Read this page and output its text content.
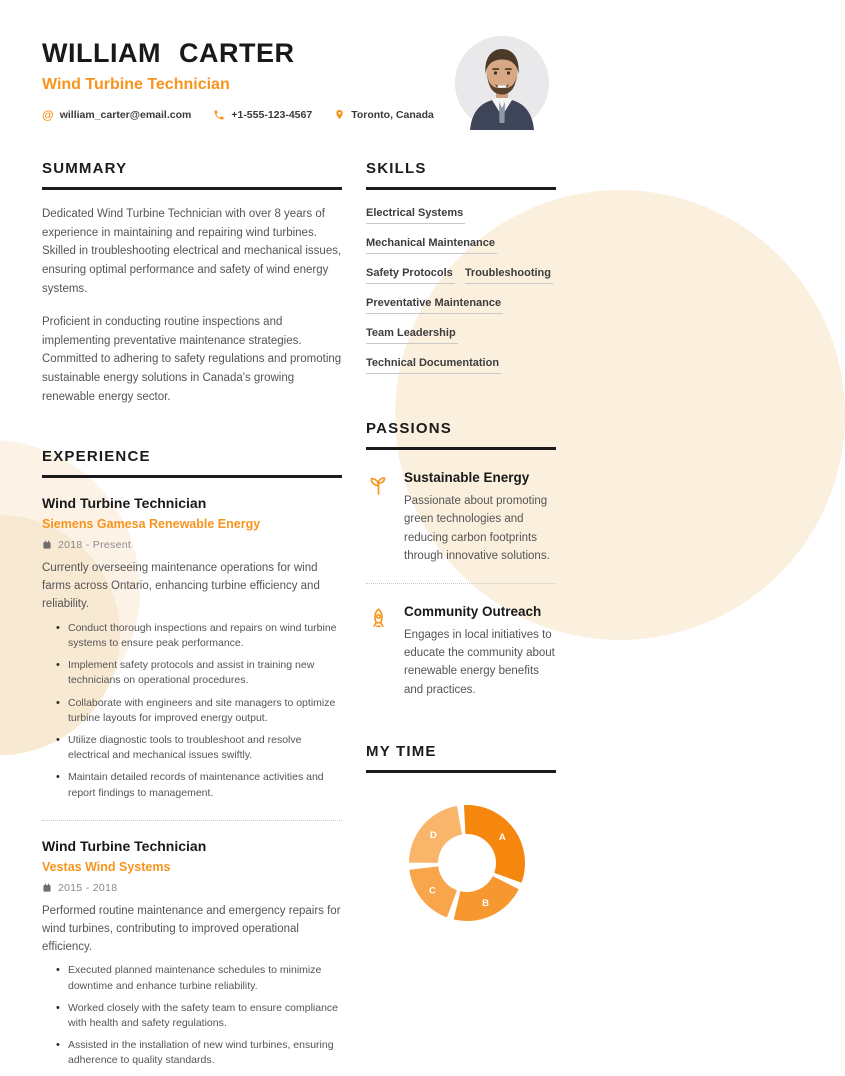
WILLIAM CARTER
Wind Turbine Technician
@ william_carter@email.com	+1-555-123-4567	Toronto, Canada
SUMMARY

Dedicated Wind Turbine Technician with over 8 years of experience in maintaining and repairing wind turbines. Skilled in troubleshooting electrical and mechanical issues, ensuring optimal performance and safety of wind energy systems.

Proficient in conducting routine inspections and implementing preventative maintenance strategies. Committed to adhering to safety regulations and promoting sustainable energy solutions in Canada's growing renewable energy sector.

EXPERIENCE
Wind Turbine Technician
Siemens Gamesa Renewable Energy
2018 - Present

Currently overseeing maintenance operations for wind farms across Ontario, enhancing turbine efficiency and reliability.

• Conduct thorough inspections and repairs on wind turbine systems to ensure peak performance.
• Implement safety protocols and assist in training new technicians on operational procedures.
• Collaborate with engineers and site managers to optimize turbine layouts for improved energy output.
• Utilize diagnostic tools to troubleshoot and resolve electrical and mechanical issues swiftly.
• Maintain detailed records of maintenance activities and report findings to management.
Wind Turbine Technician
Vestas Wind Systems
2015 - 2018

Performed routine maintenance and emergency repairs for wind turbines, contributing to improved operational efficiency.

• Executed planned maintenance schedules to minimize downtime and enhance turbine reliability.
• Worked closely with the safety team to ensure compliance with health and safety regulations.
• Assisted in the installation of new wind turbines, ensuring adherence to quality standards.
SKILLS
Electrical Systems
Mechanical Maintenance
Safety Protocols Troubleshooting
Preventative Maintenance
Team Leadership
Technical Documentation
PASSIONS
Sustainable Energy

Passionate about promoting green technologies and reducing carbon footprints through innovative solutions.

Community Outreach

Engages in local initiatives to educate the community about renewable energy benefits and practices.

MY TIME
A
B
C
D
